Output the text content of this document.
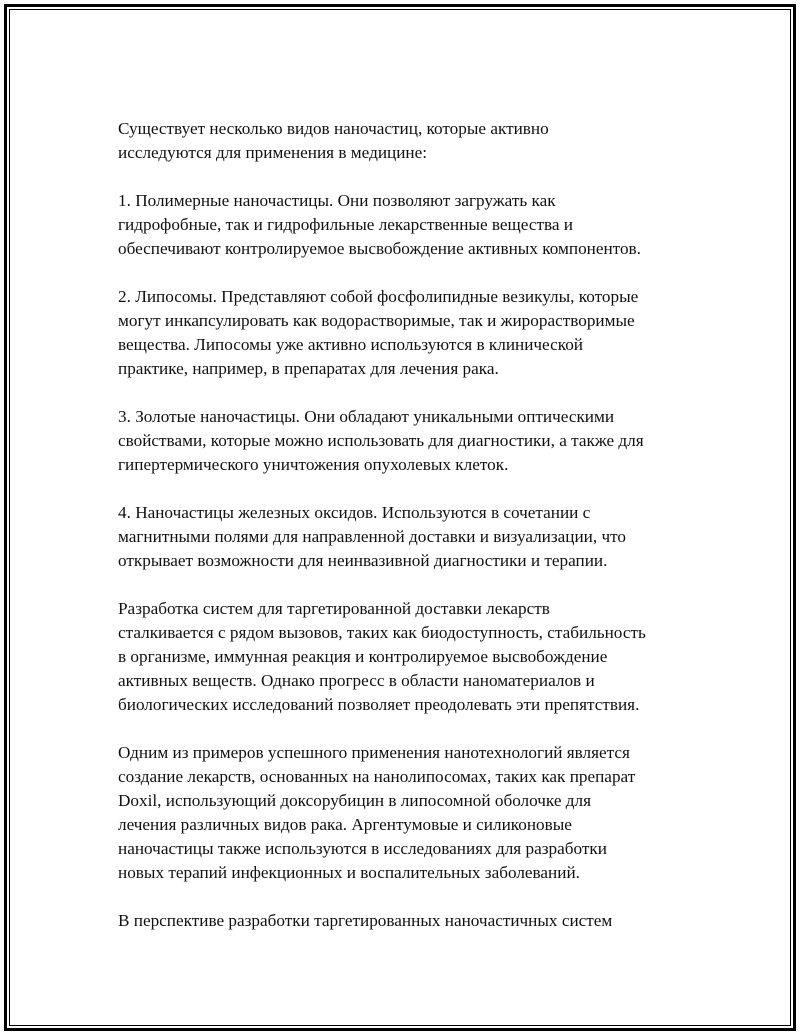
Существует несколько видов наночастиц, которые активно
исследуются для применения в медицине:

1. Полимерные наночастицы. Они позволяют загружать как
гидрофобные, так и гидрофильные лекарственные вещества и
обеспечивают контролируемое высвобождение активных компонентов.

2. Липосомы. Представляют собой фосфолипидные везикулы, которые
могут инкапсулировать как водорастворимые, так и жирорастворимые
вещества. Липосомы уже активно используются в клинической
практике, например, в препаратах для лечения рака.

3. Золотые наночастицы. Они обладают уникальными оптическими
свойствами, которые можно использовать для диагностики, а также для
гипертермического уничтожения опухолевых клеток.

4. Наночастицы железных оксидов. Используются в сочетании с
магнитными полями для направленной доставки и визуализации, что
открывает возможности для неинвазивной диагностики и терапии.

Разработка систем для таргетированной доставки лекарств
сталкивается с рядом вызовов, таких как биодоступность, стабильность
в организме, иммунная реакция и контролируемое высвобождение
активных веществ. Однако прогресс в области наноматериалов и
биологических исследований позволяет преодолевать эти препятствия.

Одним из примеров успешного применения нанотехнологий является
создание лекарств, основанных на нанолипосомах, таких как препарат
Doxil, использующий доксорубицин в липосомной оболочке для
лечения различных видов рака. Аргентумовые и силиконовые
наночастицы также используются в исследованиях для разработки
новых терапий инфекционных и воспалительных заболеваний.

В перспективе разработки таргетированных наночастичных систем
